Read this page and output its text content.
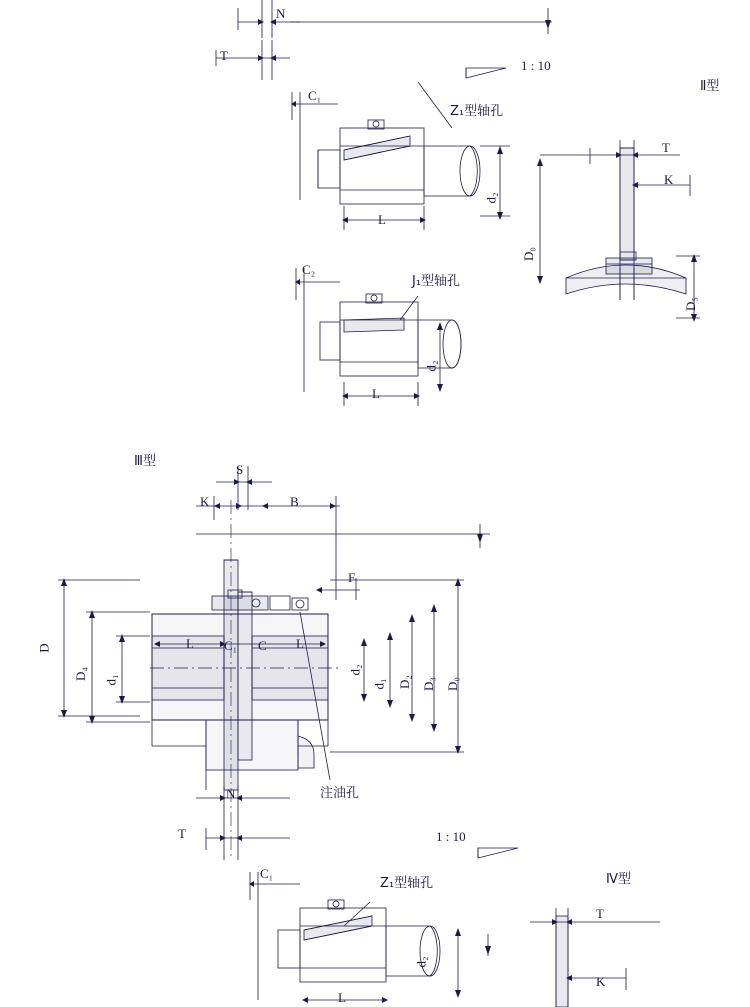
Ⅱ型
Ⅲ型
Ⅳ型
1 : 10
1 : 10
Z₁型轴孔
J₁型轴孔
Z₁型轴孔
注油孔
N
T
C₁
L
d₂
T
K
D₀
D₅
C₂
L
d₂
S
K	B
F
D
D₄ d₁
L C₁ C L
d₂
d₁ D₂ D₃ D₀
N
T
C₁
L
d₂
T
K
